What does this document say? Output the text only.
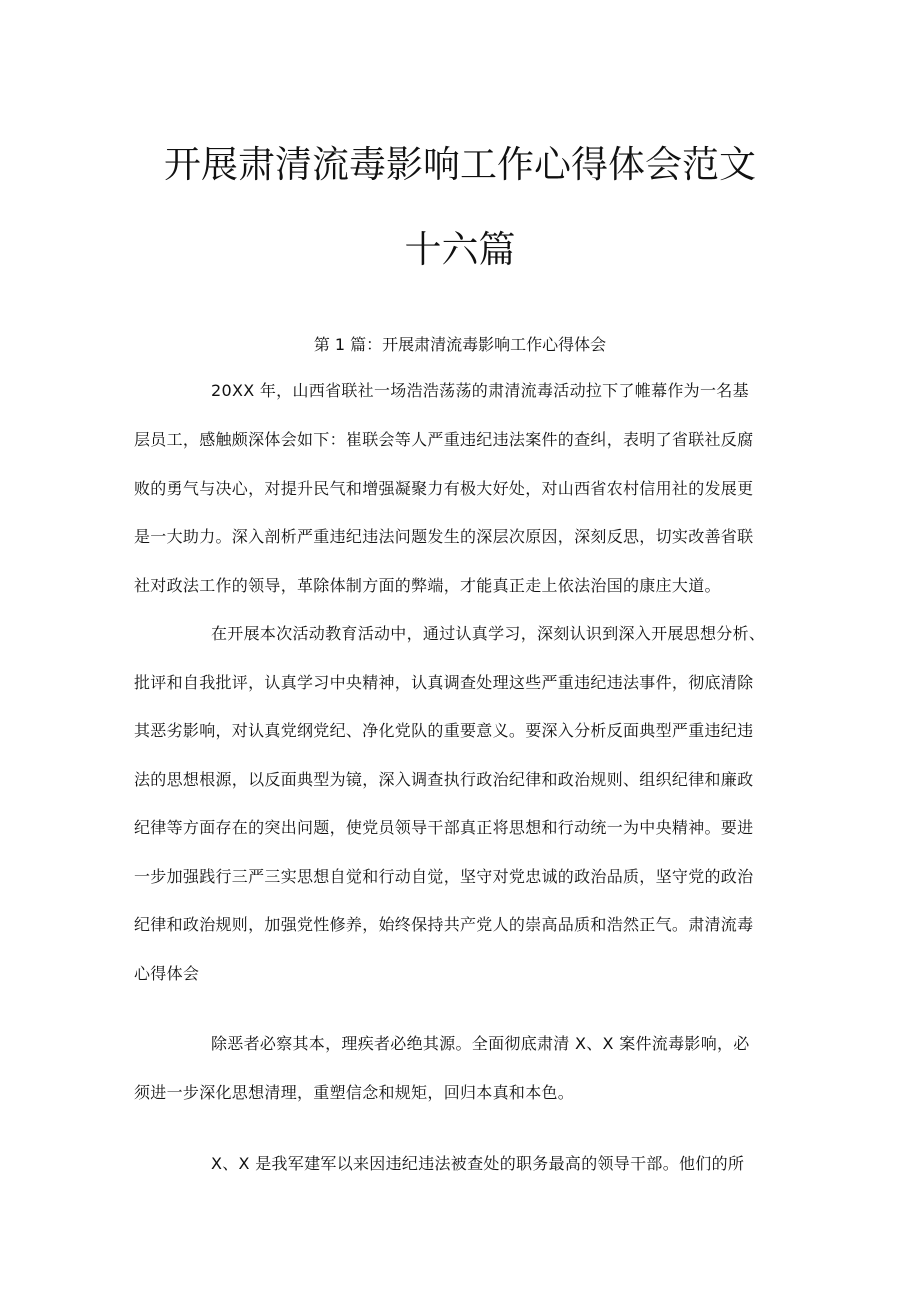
开展肃清流毒影响工作心得体会范文
十六篇
第 1 篇：开展肃清流毒影响工作心得体会
20XX 年，山西省联社一场浩浩荡荡的肃清流毒活动拉下了帷幕作为一名基
层员工，感触颇深体会如下：崔联会等人严重违纪违法案件的查纠，表明了省联社反腐
败的勇气与决心，对提升民气和增强凝聚力有极大好处，对山西省农村信用社的发展更
是一大助力。深入剖析严重违纪违法问题发生的深层次原因，深刻反思，切实改善省联
社对政法工作的领导，革除体制方面的弊端，才能真正走上依法治国的康庄大道。
在开展本次活动教育活动中，通过认真学习，深刻认识到深入开展思想分析、
批评和自我批评，认真学习中央精神，认真调查处理这些严重违纪违法事件，彻底清除
其恶劣影响，对认真党纲党纪、净化党队的重要意义。要深入分析反面典型严重违纪违
法的思想根源，以反面典型为镜，深入调查执行政治纪律和政治规则、组织纪律和廉政
纪律等方面存在的突出问题，使党员领导干部真正将思想和行动统一为中央精神。要进
一步加强践行三严三实思想自觉和行动自觉，坚守对党忠诚的政治品质，坚守党的政治
纪律和政治规则，加强党性修养，始终保持共产党人的崇高品质和浩然正气。肃清流毒
心得体会
除恶者必察其本，理疾者必绝其源。全面彻底肃清 X、X 案件流毒影响，必
须进一步深化思想清理，重塑信念和规矩，回归本真和本色。
X、X 是我军建军以来因违纪违法被查处的职务最高的领导干部。他们的所
